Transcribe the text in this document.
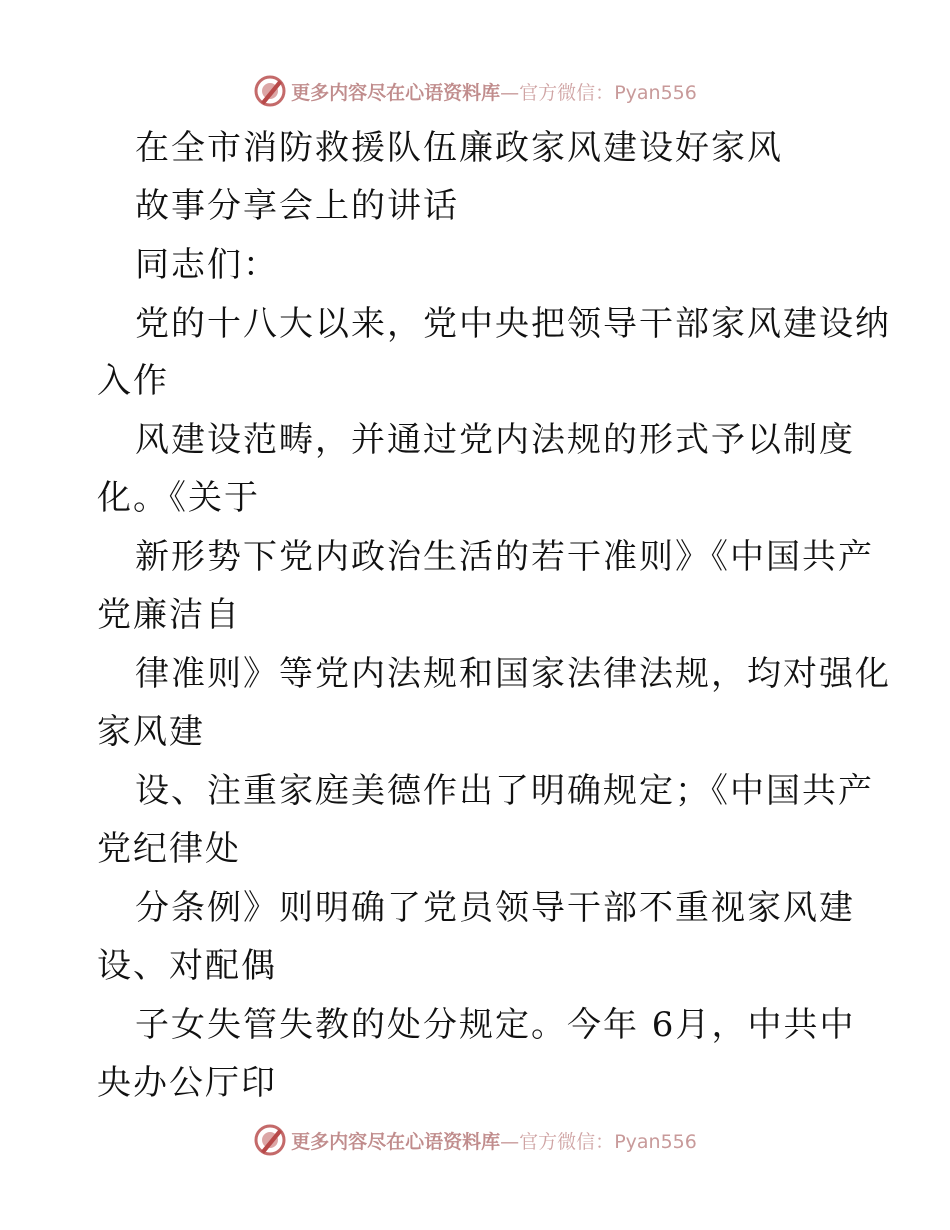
更多内容尽在心语资料库—官方微信：Pyan556
在全市消防救援队伍廉政家风建设好家风
故事分享会上的讲话
同志们：
党的十八大以来，党中央把领导干部家风建设纳
入作
风建设范畴，并通过党内法规的形式予以制度
化。《关于
新形势下党内政治生活的若干准则》《中国共产
党廉洁自
律准则》等党内法规和国家法律法规，均对强化
家风建
设、注重家庭美德作出了明确规定；《中国共产
党纪律处
分条例》则明确了党员领导干部不重视家风建
设、对配偶
子女失管失教的处分规定。今年 6月，中共中
央办公厅印
更多内容尽在心语资料库—官方微信：Pyan556
